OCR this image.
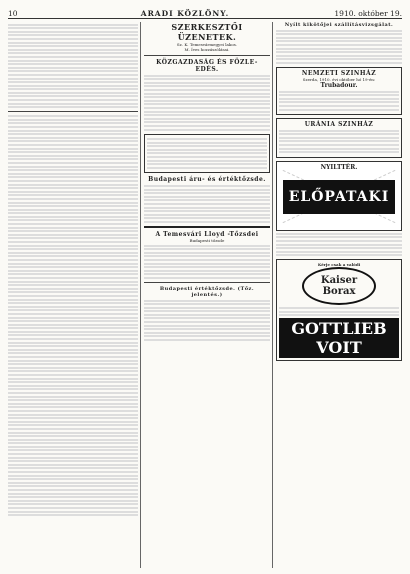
10	ARADI KÖZLÖNY.	1910. október 19.
SZERKESZTŐI ÜZENETEK.
Sz. K. Temesvármegyei lakos.
M. Íves hozzászólásai.
KÖZGAZDASÁG ÉS FÖZLE- EDÉS.
Budapesti áru- és értéktőzsde.
A Temesvári Lloyd -Tőzsdei
Budapesti tőzsde
Budapesti értéktőzsde. (Tőz. jelentés.)
Nyílt kikötőjei szállításvizsgálat.
NEMZETI SZINHÁZ
Szerda, 1910. évi október hó 19-én:
Trubadour.
URÁNIA SZINHÁZ
NYILTTÉR.
ELŐPATAKI
Kérje csak a valódi
Kaiser Borax
GOTTLIEB VOIT
